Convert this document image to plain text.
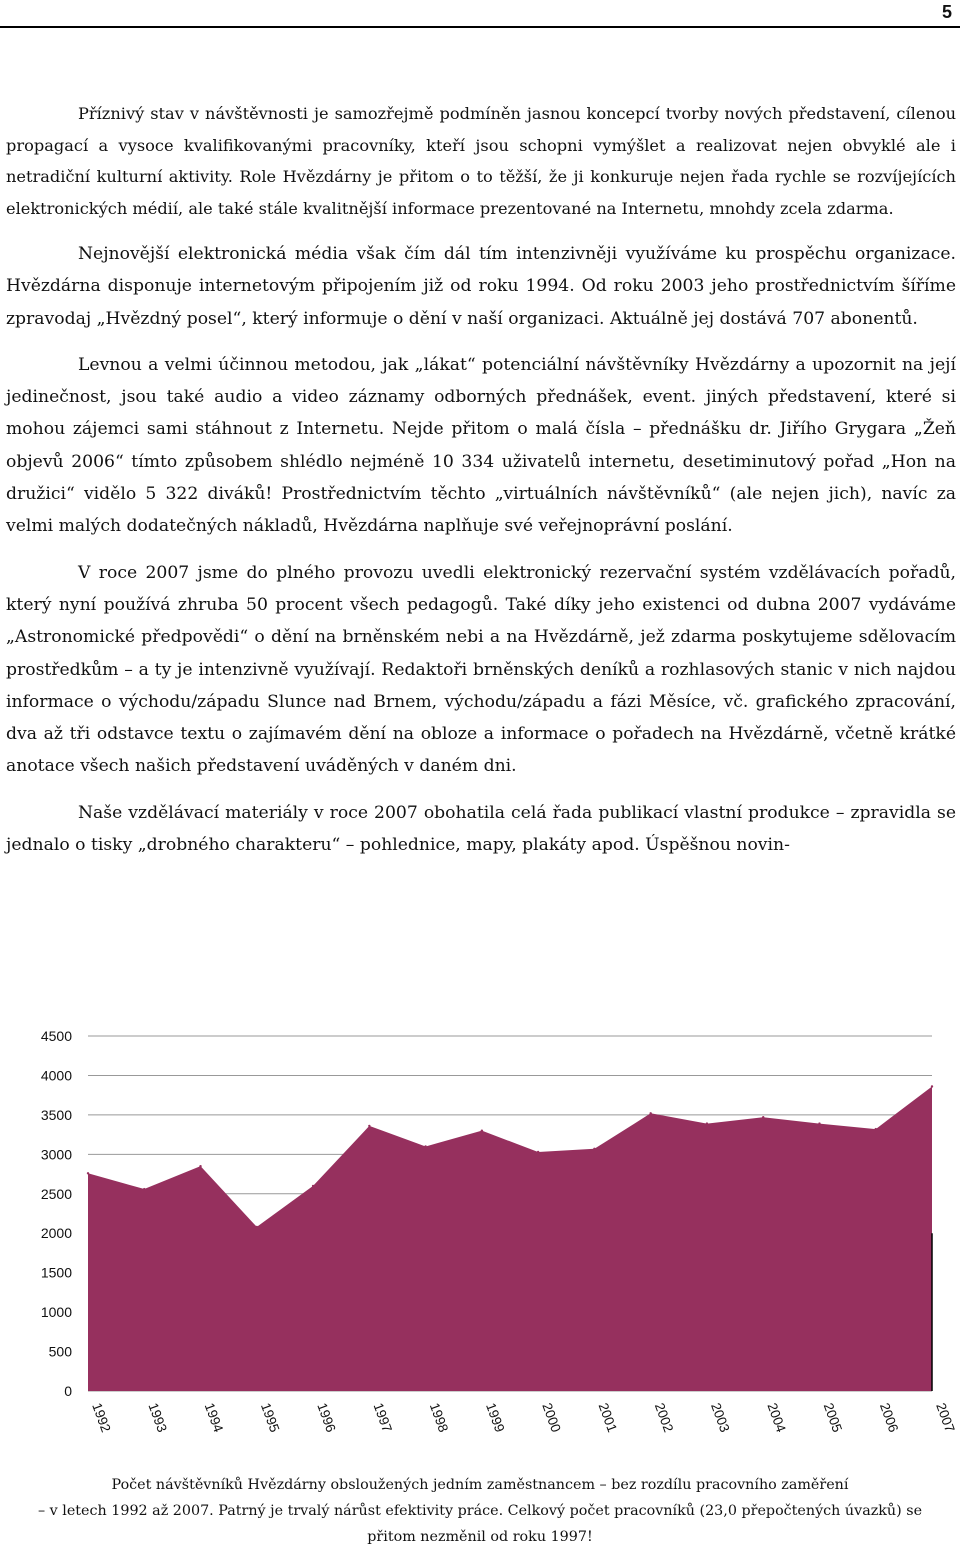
5

Příznivý stav v návštěvnosti je samozřejmě podmíněn jasnou koncepcí tvorby nových představení, cílenou propagací a vysoce kvalifikovanými pracovníky, kteří jsou schopni vymýšlet a realizovat nejen obvyklé ale i netradiční kulturní aktivity. Role Hvězdárny je přitom o to těžší, že ji konkuruje nejen řada rychle se rozvíjejících elektronických médií, ale také stále kvalitnější informace prezentované na Internetu, mnohdy zcela zdarma.

Nejnovější elektronická média však čím dál tím intenzivněji využíváme ku prospěchu organizace. Hvězdárna disponuje internetovým připojením již od roku 1994. Od roku 2003 jeho prostřednictvím šíříme zpravodaj „Hvězdný posel“, který informuje o dění v naší organizaci. Aktuálně jej dostává 707 abonentů.

Levnou a velmi účinnou metodou, jak „lákat“ potenciální návštěvníky Hvězdárny a upozornit na její jedinečnost, jsou také audio a video záznamy odborných přednášek, event. jiných představení, které si mohou zájemci sami stáhnout z Internetu. Nejde přitom o malá čísla – přednášku dr. Jiřího Grygara „Žeň objevů 2006“ tímto způsobem shlédlo nejméně 10 334 uživatelů internetu, desetiminutový pořad „Hon na družici“ vidělo 5 322 diváků! Prostřednictvím těchto „virtuálních návštěvníků“ (ale nejen jich), navíc za velmi malých dodatečných nákladů, Hvězdárna naplňuje své veřejnoprávní poslání.

V roce 2007 jsme do plného provozu uvedli elektronický rezervační systém vzdělávacích pořadů, který nyní používá zhruba 50 procent všech pedagogů. Také díky jeho existenci od dubna 2007 vydáváme „Astronomické předpovědi“ o dění na brněnském nebi a na Hvězdárně, jež zdarma poskytujeme sdělovacím prostředkům – a ty je intenzivně využívají. Redaktoři brněnských deníků a rozhlasových stanic v nich najdou informace o východu/západu Slunce nad Brnem, východu/západu a fázi Měsíce, vč. grafického zpracování, dva až tři odstavce textu o zajímavém dění na obloze a informace o pořadech na Hvězdárně, včetně krátké anotace všech našich představení uváděných v daném dni.

Naše vzdělávací materiály v roce 2007 obohatila celá řada publikací vlastní produkce – zpravidla se jednalo o tisky „drobného charakteru“ – pohlednice, mapy, plakáty apod. Úspěšnou novin-

0
500
1000
1500
2000
2500
3000
3500
4000
4500
1992 1993 1994 1995 1996 1997 1998 1999 2000 2001 2002 2003 2004 2005 2006 2007
Počet návštěvníků Hvězdárny obsloužených jedním zaměstnancem – bez rozdílu pracovního zaměření
– v letech 1992 až 2007. Patrný je trvalý nárůst efektivity práce. Celkový počet pracovníků (23,0 přepočtených úvazků) se
přitom nezměnil od roku 1997!
